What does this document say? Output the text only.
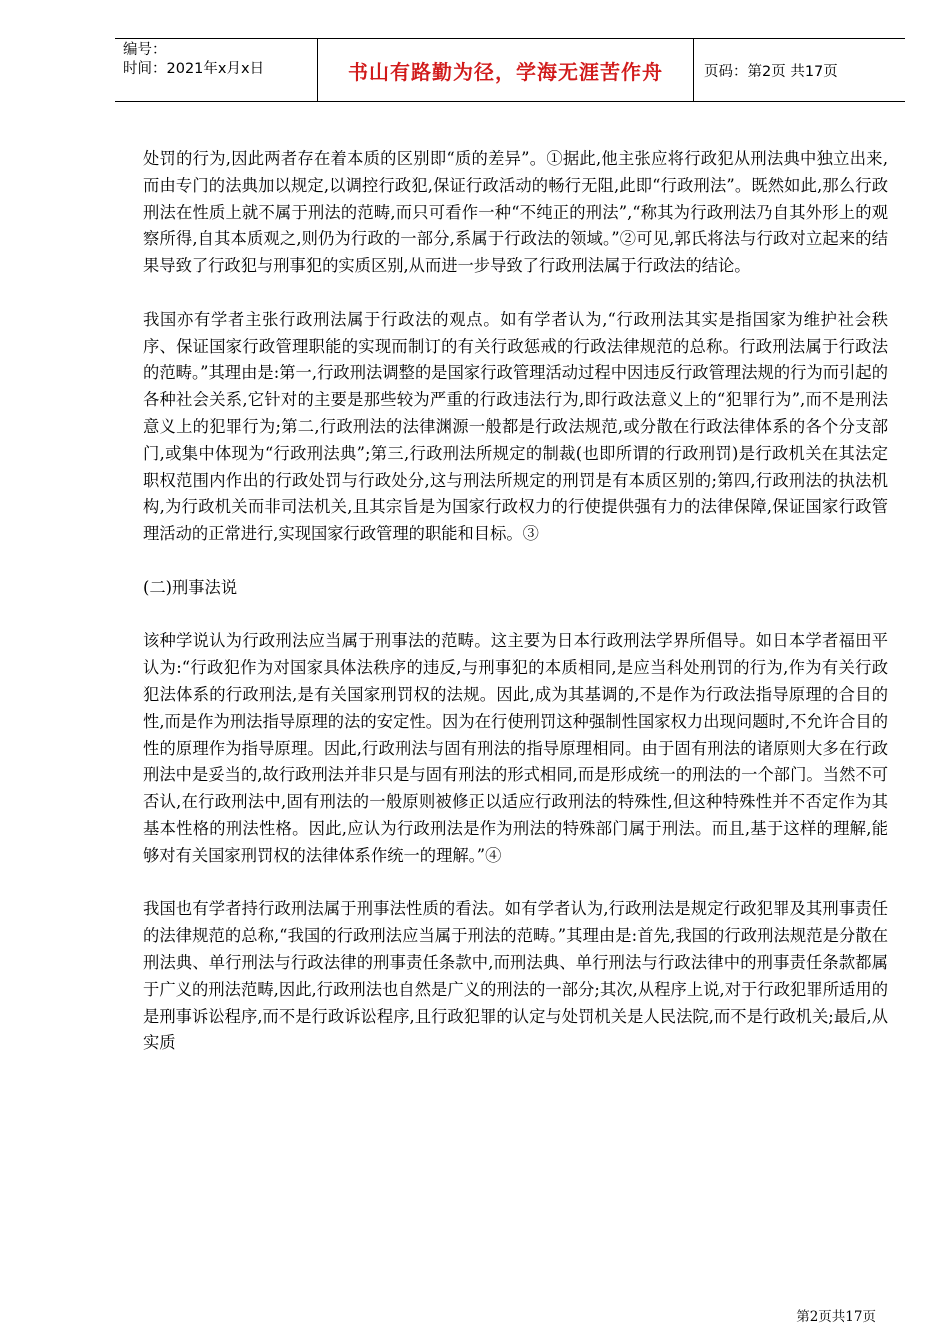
编号：
时间：2021年x月x日	书山有路勤为径，学海无涯苦作舟	页码：第2页 共17页

处罚的行为,因此两者存在着本质的区别即“质的差异”。①据此,他主张应将行政犯从刑法典中独立出来,而由专门的法典加以规定,以调控行政犯,保证行政活动的畅行无阻,此即“行政刑法”。既然如此,那么行政刑法在性质上就不属于刑法的范畴,而只可看作一种“不纯正的刑法”,“称其为行政刑法乃自其外形上的观察所得,自其本质观之,则仍为行政的一部分,系属于行政法的领域。”②可见,郭氏将法与行政对立起来的结果导致了行政犯与刑事犯的实质区别,从而进一步导致了行政刑法属于行政法的结论。

我国亦有学者主张行政刑法属于行政法的观点。如有学者认为,“行政刑法其实是指国家为维护社会秩序、保证国家行政管理职能的实现而制订的有关行政惩戒的行政法律规范的总称。行政刑法属于行政法的范畴。”其理由是:第一,行政刑法调整的是国家行政管理活动过程中因违反行政管理法规的行为而引起的各种社会关系,它针对的主要是那些较为严重的行政违法行为,即行政法意义上的“犯罪行为”,而不是刑法意义上的犯罪行为;第二,行政刑法的法律渊源一般都是行政法规范,或分散在行政法律体系的各个分支部门,或集中体现为“行政刑法典”;第三,行政刑法所规定的制裁(也即所谓的行政刑罚)是行政机关在其法定职权范围内作出的行政处罚与行政处分,这与刑法所规定的刑罚是有本质区别的;第四,行政刑法的执法机构,为行政机关而非司法机关,且其宗旨是为国家行政权力的行使提供强有力的法律保障,保证国家行政管理活动的正常进行,实现国家行政管理的职能和目标。③

(二)刑事法说

该种学说认为行政刑法应当属于刑事法的范畴。这主要为日本行政刑法学界所倡导。如日本学者福田平认为:“行政犯作为对国家具体法秩序的违反,与刑事犯的本质相同,是应当科处刑罚的行为,作为有关行政犯法体系的行政刑法,是有关国家刑罚权的法规。因此,成为其基调的,不是作为行政法指导原理的合目的性,而是作为刑法指导原理的法的安定性。因为在行使刑罚这种强制性国家权力出现问题时,不允许合目的性的原理作为指导原理。因此,行政刑法与固有刑法的指导原理相同。由于固有刑法的诸原则大多在行政刑法中是妥当的,故行政刑法并非只是与固有刑法的形式相同,而是形成统一的刑法的一个部门。当然不可否认,在行政刑法中,固有刑法的一般原则被修正以适应行政刑法的特殊性,但这种特殊性并不否定作为其基本性格的刑法性格。因此,应认为行政刑法是作为刑法的特殊部门属于刑法。而且,基于这样的理解,能够对有关国家刑罚权的法律体系作统一的理解。”④

我国也有学者持行政刑法属于刑事法性质的看法。如有学者认为,行政刑法是规定行政犯罪及其刑事责任的法律规范的总称,“我国的行政刑法应当属于刑法的范畴。”其理由是:首先,我国的行政刑法规范是分散在刑法典、单行刑法与行政法律的刑事责任条款中,而刑法典、单行刑法与行政法律中的刑事责任条款都属于广义的刑法范畴,因此,行政刑法也自然是广义的刑法的一部分;其次,从程序上说,对于行政犯罪所适用的是刑事诉讼程序,而不是行政诉讼程序,且行政犯罪的认定与处罚机关是人民法院,而不是行政机关;最后,从实质

第2页共17页
